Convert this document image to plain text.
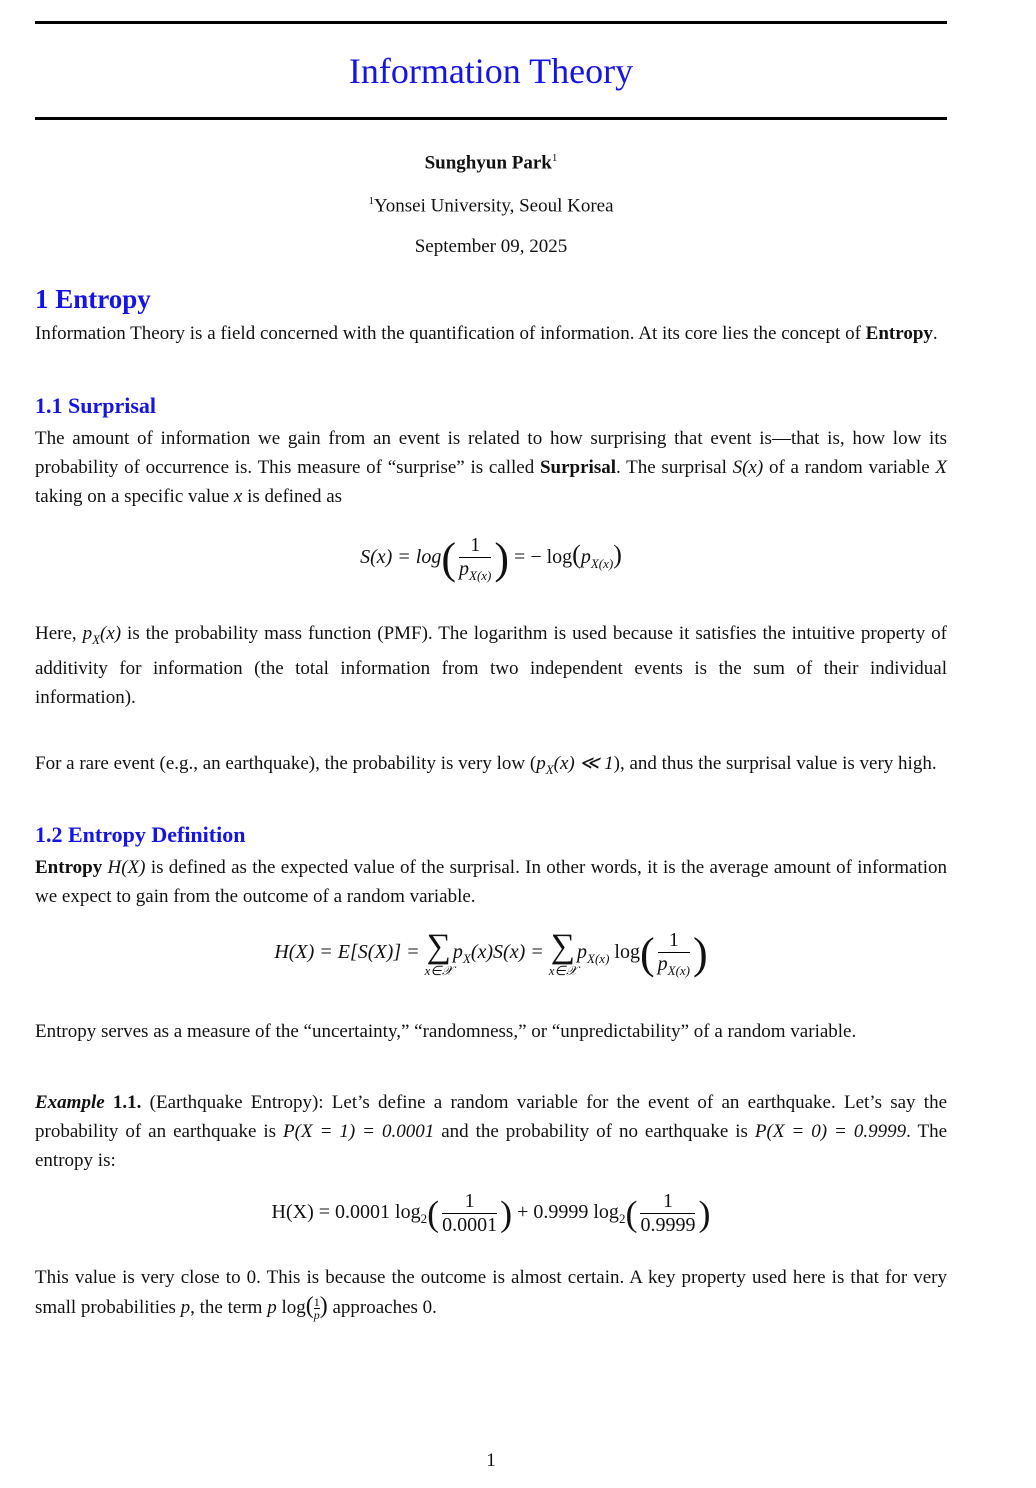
Information Theory
Sunghyun Park$^1$
$^1$Yonsei University, Seoul Korea
September 09, 2025
1 Entropy
Information Theory is a field concerned with the quantification of information. At its core lies the concept of Entropy.
1.1 Surprisal
The amount of information we gain from an event is related to how surprising that event is—that is, how low its probability of occurrence is. This measure of “surprise” is called Surprisal. The surprisal S(x) of a random variable X taking on a specific value x is defined as
$S(x) = \log( \frac{1}{p_{X(x)}}$ ) = − $\log(p_{X(x)})$
Here, $p_X(x)$ is the probability mass function (PMF). The logarithm is used because it satisfies the intuitive property of additivity for information (the total information from two independent events is the sum of their individual information).
For a rare event (e.g., an earthquake), the probability is very low ($p_X(x)$ ≪ 1), and thus the surprisal value is very high.
1.2 Entropy Definition
Entropy H(X) is defined as the expected value of the surprisal. In other words, it is the average amount of information we expect to gain from the outcome of a random variable.
H(X) = E[S(X)] = ∑
x∈𝒳
$p_X(x)S(x)$ = ∑
x∈𝒳
$p_{X(x)}$ $\log( \frac{1}{p_{X(x)}}$ )
Entropy serves as a measure of the “uncertainty,” “randomness,” or “unpredictability” of a random variable.
Example 1.1. (Earthquake Entropy): Let’s define a random variable for the event of an earthquake. Let’s say the probability of an earthquake is P(X = 1) = 0.0001 and the probability of no earthquake is P(X = 0) = 0.9999. The entropy is:
H(X) = 0.0001 $\log_2( \frac{1}{0.0001}$ ) + 0.9999 $\log_2( \frac{1}{0.9999}$ )
This value is very close to 0. This is because the outcome is almost certain. A key property used here is that for very small probabilities p, the term p $\log( \frac{1}{p}$ ) approaches 0.
1
